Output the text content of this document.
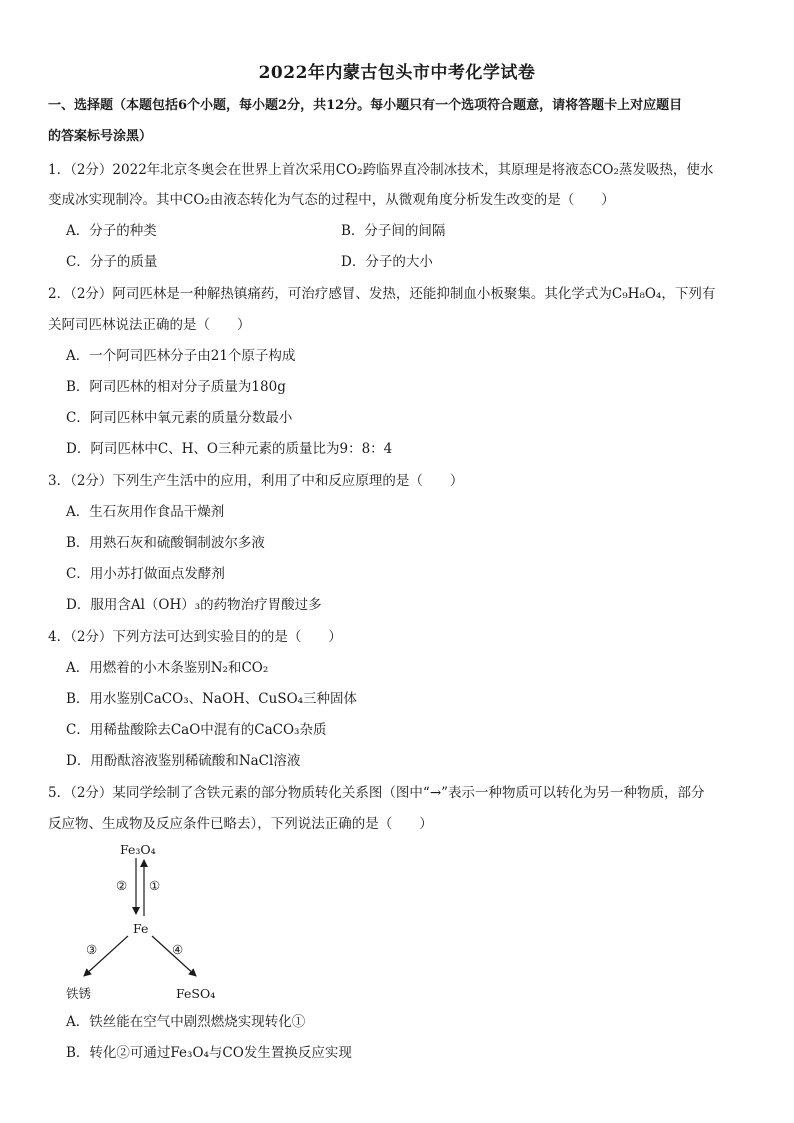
2022年内蒙古包头市中考化学试卷
一、选择题（本题包括6个小题，每小题2分，共12分。每小题只有一个选项符合题意，请将答题卡上对应题目
的答案标号涂黑）
1．（2分）2022年北京冬奥会在世界上首次采用CO₂跨临界直冷制冰技术，其原理是将液态CO₂蒸发吸热，使水
变成冰实现制冷。其中CO₂由液态转化为气态的过程中，从微观角度分析发生改变的是（　　）
A．分子的种类	B．分子间的间隔
C．分子的质量	D．分子的大小
2．（2分）阿司匹林是一种解热镇痛药，可治疗感冒、发热，还能抑制血小板聚集。其化学式为C₉H₈O₄，下列有
关阿司匹林说法正确的是（　　）
A．一个阿司匹林分子由21个原子构成
B．阿司匹林的相对分子质量为180g
C．阿司匹林中氧元素的质量分数最小
D．阿司匹林中C、H、O三种元素的质量比为9：8：4
3．（2分）下列生产生活中的应用，利用了中和反应原理的是（　　）
A．生石灰用作食品干燥剂
B．用熟石灰和硫酸铜制波尔多液
C．用小苏打做面点发酵剂
D．服用含Al（OH）₃的药物治疗胃酸过多
4．（2分）下列方法可达到实验目的的是（　　）
A．用燃着的小木条鉴别N₂和CO₂
B．用水鉴别CaCO₃、NaOH、CuSO₄三种固体
C．用稀盐酸除去CaO中混有的CaCO₃杂质
D．用酚酞溶液鉴别稀硫酸和NaCl溶液
5．（2分）某同学绘制了含铁元素的部分物质转化关系图（图中“→”表示一种物质可以转化为另一种物质，部分
反应物、生成物及反应条件已略去），下列说法正确的是（　　）
Fe₃O₄
Fe
铁锈	FeSO₄
② ①
③	④
A．铁丝能在空气中剧烈燃烧实现转化①
B．转化②可通过Fe₃O₄与CO发生置换反应实现
